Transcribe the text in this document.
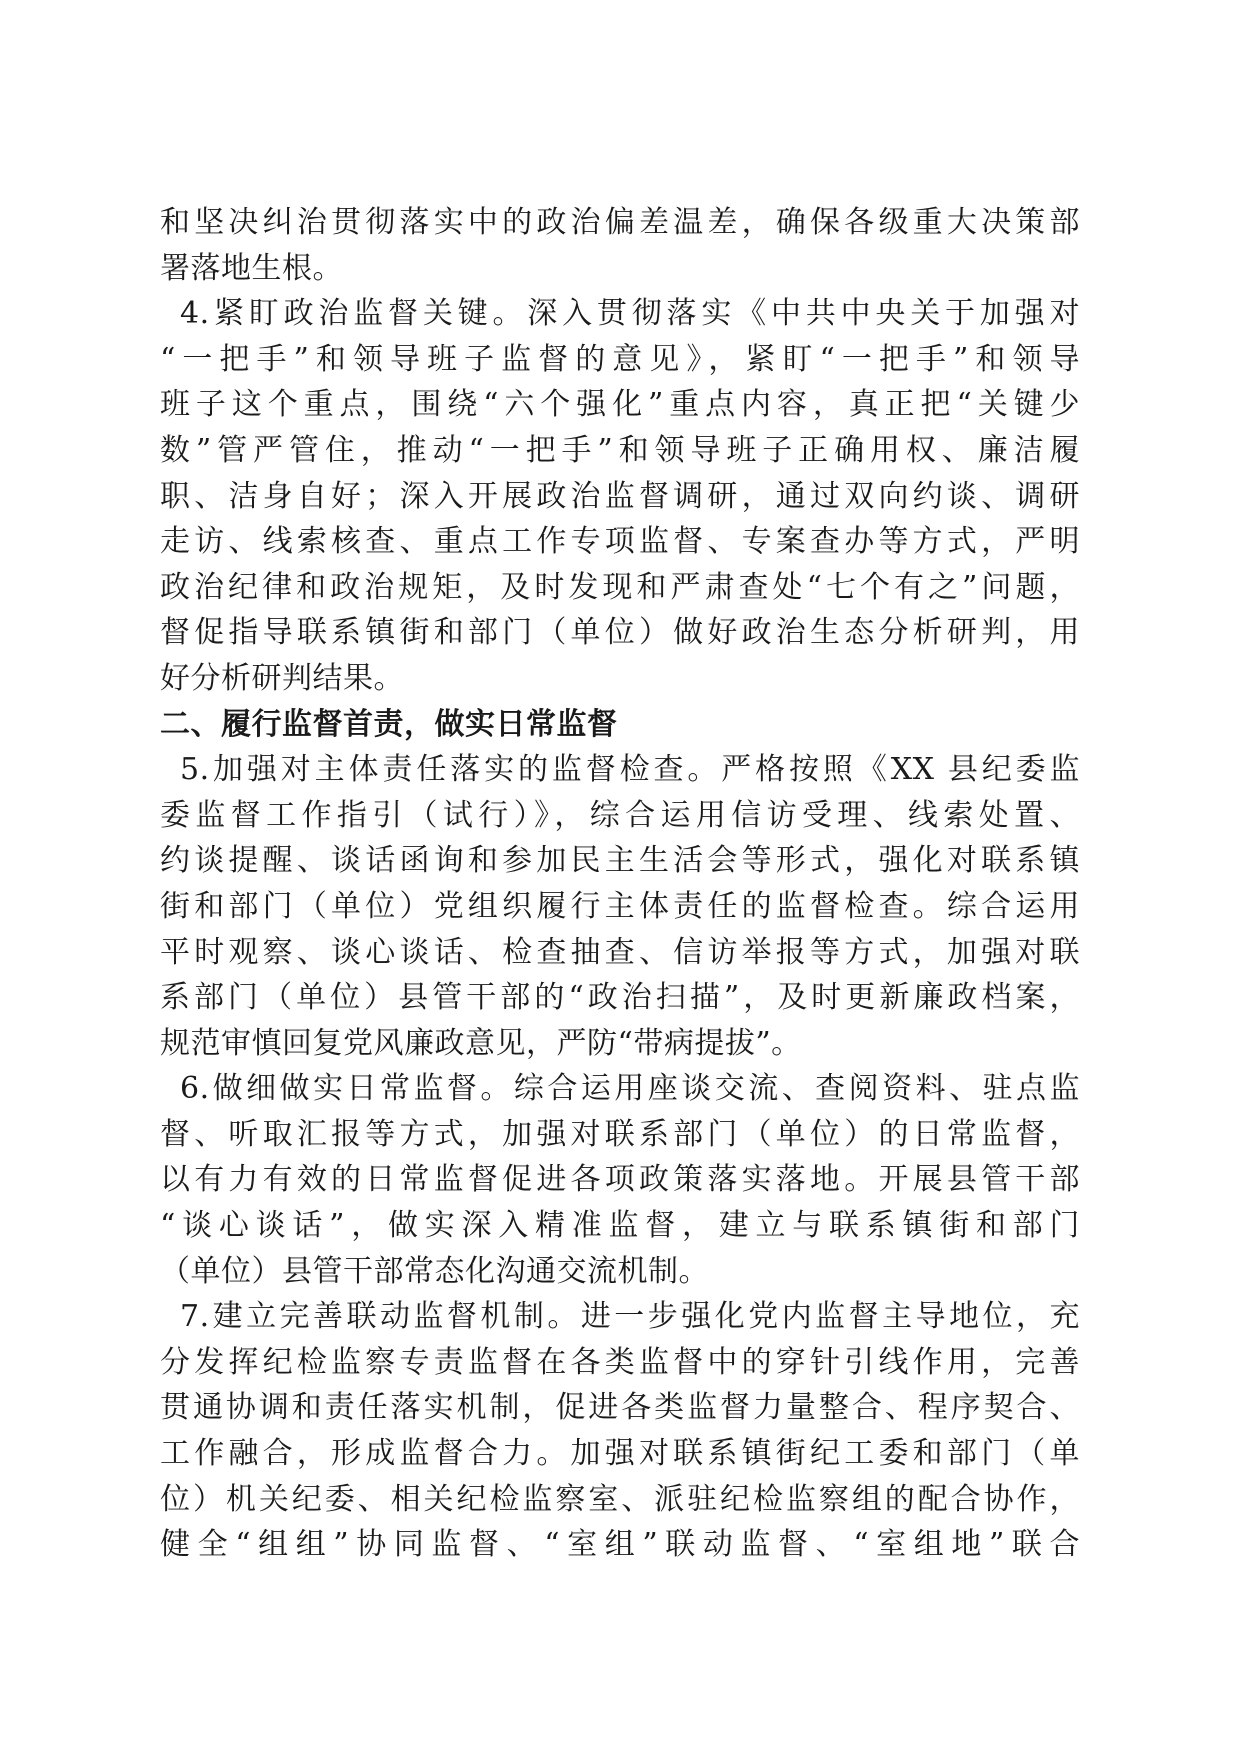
和坚决纠治贯彻落实中的政治偏差温差，确保各级重大决策部
署落地生根。
4.紧盯政治监督关键。深入贯彻落实《中共中央关于加强对
“一把手”和领导班子监督的意见》，紧盯“一把手”和领导
班子这个重点，围绕“六个强化”重点内容，真正把“关键少
数”管严管住，推动“一把手”和领导班子正确用权、廉洁履
职、洁身自好；深入开展政治监督调研，通过双向约谈、调研
走访、线索核查、重点工作专项监督、专案查办等方式，严明
政治纪律和政治规矩，及时发现和严肃查处“七个有之”问题，
督促指导联系镇街和部门（单位）做好政治生态分析研判，用
好分析研判结果。
二、履行监督首责，做实日常监督
5.加强对主体责任落实的监督检查。严格按照《XX 县纪委监
委监督工作指引（试行）》，综合运用信访受理、线索处置、
约谈提醒、谈话函询和参加民主生活会等形式，强化对联系镇
街和部门（单位）党组织履行主体责任的监督检查。综合运用
平时观察、谈心谈话、检查抽查、信访举报等方式，加强对联
系部门（单位）县管干部的“政治扫描”，及时更新廉政档案，
规范审慎回复党风廉政意见，严防“带病提拔”。
6.做细做实日常监督。综合运用座谈交流、查阅资料、驻点监
督、听取汇报等方式，加强对联系部门（单位）的日常监督，
以有力有效的日常监督促进各项政策落实落地。开展县管干部
“谈心谈话”，做实深入精准监督，建立与联系镇街和部门
（单位）县管干部常态化沟通交流机制。
7.建立完善联动监督机制。进一步强化党内监督主导地位，充
分发挥纪检监察专责监督在各类监督中的穿针引线作用，完善
贯通协调和责任落实机制，促进各类监督力量整合、程序契合、
工作融合，形成监督合力。加强对联系镇街纪工委和部门（单
位）机关纪委、相关纪检监察室、派驻纪检监察组的配合协作，
健全“组组”协同监督、“室组”联动监督、“室组地”联合
